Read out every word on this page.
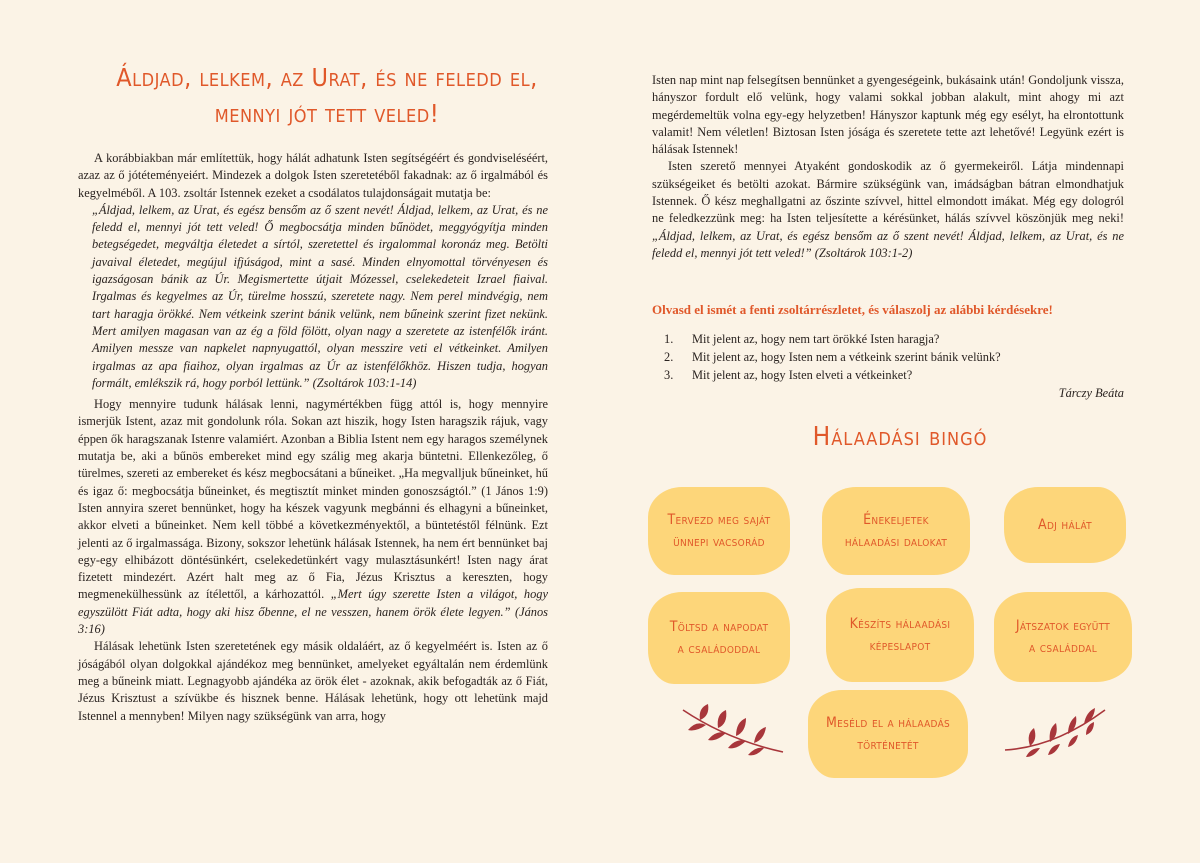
Áldjad, lelkem, az Urat, és ne feledd el,
mennyi jót tett veled!

A korábbiakban már említettük, hogy hálát adhatunk Isten segítségéért és gondviseléséért, azaz az ő jótéteményeiért. Mindezek a dolgok Isten szeretetéből fakadnak: az ő irgalmából és kegyelméből. A 103. zsoltár Istennek ezeket a csodálatos tulajdonságait mutatja be:

„Áldjad, lelkem, az Urat, és egész bensőm az ő szent nevét! Áldjad, lelkem, az Urat, és ne feledd el, mennyi jót tett veled! Ő megbocsátja minden bűnödet, meggyógyítja minden betegségedet, megváltja életedet a sírtól, szeretettel és irgalommal koronáz meg. Betölti javaival életedet, megújul ifjúságod, mint a sasé. Minden elnyomottal törvényesen és igazságosan bánik az Úr. Megismertette útjait Mózessel, cselekedeteit Izrael fiaival. Irgalmas és kegyelmes az Úr, türelme hosszú, szeretete nagy. Nem perel mindvégig, nem tart haragja örökké. Nem vétkeink szerint bánik velünk, nem bűneink szerint fizet nekünk. Mert amilyen magasan van az ég a föld fölött, olyan nagy a szeretete az istenfélők iránt. Amilyen messze van napkelet napnyugattól, olyan messzire veti el vétkeinket. Amilyen irgalmas az apa fiaihoz, olyan irgalmas az Úr az istenfélőkhöz. Hiszen tudja, hogyan formált, emlékszik rá, hogy porból lettünk.” (Zsoltárok 103:1-14)

Hogy mennyire tudunk hálásak lenni, nagymértékben függ attól is, hogy mennyire ismerjük Istent, azaz mit gondolunk róla. Sokan azt hiszik, hogy Isten haragszik rájuk, vagy éppen ők haragszanak Istenre valamiért. Azonban a Biblia Istent nem egy haragos személynek mutatja be, aki a bűnös embereket mind egy szálig meg akarja büntetni. Ellenkezőleg, ő türelmes, szereti az embereket és kész megbocsátani a bűneiket. „Ha megvalljuk bűneinket, hű és igaz ő: megbocsátja bűneinket, és megtisztít minket minden gonoszságtól.” (1 János 1:9) Isten annyira szeret bennünket, hogy ha készek vagyunk megbánni és elhagyni a bűneinket, akkor elveti a bűneinket. Nem kell többé a következményektől, a büntetéstől félnünk. Ezt jelenti az ő irgalmassága. Bizony, sokszor lehetünk hálásak Istennek, ha nem ért bennünket baj egy-egy elhibázott döntésünkért, cselekedetünkért vagy mulasztásunkért! Isten nagy árat fizetett mindezért. Azért halt meg az ő Fia, Jézus Krisztus a kereszten, hogy megmenekülhessünk az ítélettől, a kárhozattól. „Mert úgy szerette Isten a világot, hogy egyszülött Fiát adta, hogy aki hisz őbenne, el ne vesszen, hanem örök élete legyen.” (János 3:16)

Hálásak lehetünk Isten szeretetének egy másik oldaláért, az ő kegyelméért is. Isten az ő jóságából olyan dolgokkal ajándékoz meg bennünket, amelyeket egyáltalán nem érdemlünk meg a bűneink miatt. Legnagyobb ajándéka az örök élet - azoknak, akik befogadták az ő Fiát, Jézus Krisztust a szívükbe és hisznek benne. Hálásak lehetünk, hogy ott lehetünk majd Istennel a mennyben! Milyen nagy szükségünk van arra, hogy

Isten nap mint nap felsegítsen bennünket a gyengeségeink, bukásaink után! Gondoljunk vissza, hányszor fordult elő velünk, hogy valami sokkal jobban alakult, mint ahogy mi azt megérdemeltük volna egy-egy helyzetben! Hányszor kaptunk még egy esélyt, ha elrontottunk valamit! Nem véletlen! Biztosan Isten jósága és szeretete tette azt lehetővé! Legyünk ezért is hálásak Istennek!

Isten szerető mennyei Atyaként gondoskodik az ő gyermekeiről. Látja mindennapi szükségeiket és betölti azokat. Bármire szükségünk van, imádságban bátran elmondhatjuk Istennek. Ő kész meghallgatni az őszinte szívvel, hittel elmondott imákat. Még egy dologról ne feledkezzünk meg: ha Isten teljesítette a kérésünket, hálás szívvel köszönjük meg neki! „Áldjad, lelkem, az Urat, és egész bensőm az ő szent nevét! Áldjad, lelkem, az Urat, és ne feledd el, mennyi jót tett veled!” (Zsoltárok 103:1-2)

Olvasd el ismét a fenti zsoltárrészletet, és válaszolj az alábbi kérdésekre!
1. Mit jelent az, hogy nem tart örökké Isten haragja?
2. Mit jelent az, hogy Isten nem a vétkeink szerint bánik velünk?
3. Mit jelent az, hogy Isten elveti a vétkeinket?
Tárczy Beáta
Hálaadási bingó
Tervezd meg saját
ünnepi vacsorád
Énekeljetek
hálaadási dalokat
Adj hálát
Töltsd a napodat
a családoddal
Készíts hálaadási
képeslapot
Játszatok együtt
a családdal
Meséld el a hálaadás
történetét
